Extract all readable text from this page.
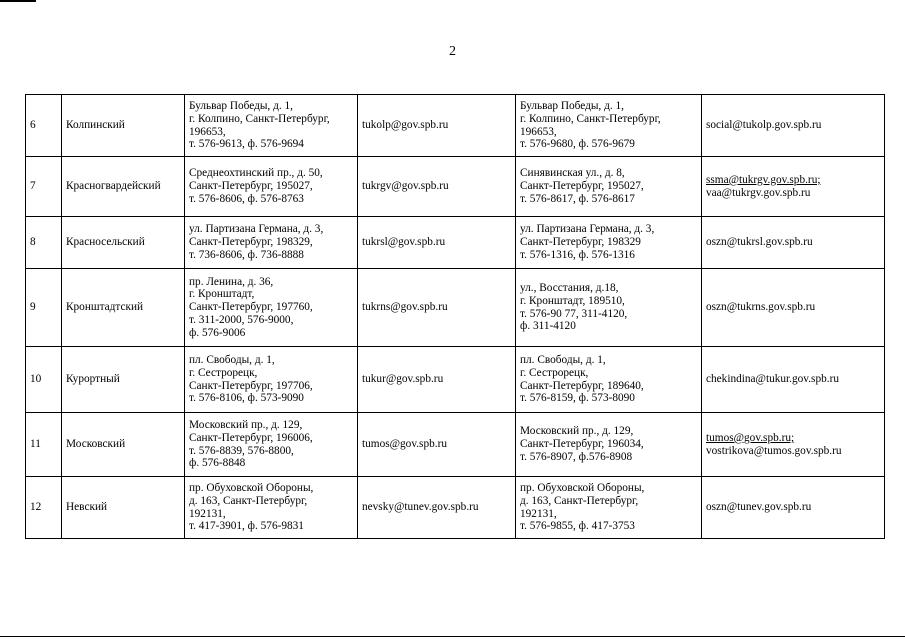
2
6	Колпинский	Бульвар Победы, д. 1,
г. Колпино, Санкт-Петербург,
196653,
т. 576-9613, ф. 576-9694	tukolp@gov.spb.ru	Бульвар Победы, д. 1,
г. Колпино, Санкт-Петербург,
196653,
т. 576-9680, ф. 576-9679	social@tukolp.gov.spb.ru

7	Красногвардейский	Среднеохтинский пр., д. 50,
Санкт-Петербург, 195027,
т. 576-8606, ф. 576-8763	tukrgv@gov.spb.ru	Синявинская ул., д. 8,
Санкт-Петербург, 195027,
т. 576-8617, ф. 576-8617	ssma@tukrgv.gov.spb.ru;
vaa@tukrgv.gov.spb.ru

8	Красносельский	ул. Партизана Германа, д. 3,
Санкт-Петербург, 198329,
т. 736-8606, ф. 736-8888	tukrsl@gov.spb.ru	ул. Партизана Германа, д. 3,
Санкт-Петербург, 198329
т. 576-1316, ф. 576-1316	oszn@tukrsl.gov.spb.ru

9	Кронштадтский	пр. Ленина, д. 36,
г. Кронштадт,
Санкт-Петербург, 197760,
т. 311-2000, 576-9000,
ф. 576-9006	tukrns@gov.spb.ru	ул., Восстания, д.18,
г. Кронштадт, 189510,
т. 576-90 77, 311-4120,
ф. 311-4120	oszn@tukrns.gov.spb.ru

10	Курортный	пл. Свободы, д. 1,
г. Сестрорецк,
Санкт-Петербург, 197706,
т. 576-8106, ф. 573-9090	tukur@gov.spb.ru	пл. Свободы, д. 1,
г. Сестрорецк,
Санкт-Петербург, 189640,
т. 576-8159, ф. 573-8090	chekindina@tukur.gov.spb.ru

11	Московский	Московский пр., д. 129,
Санкт-Петербург, 196006,
т. 576-8839, 576-8800,
ф. 576-8848	tumos@gov.spb.ru	Московский пр., д. 129,
Санкт-Петербург, 196034,
т. 576-8907, ф.576-8908	tumos@gov.spb.ru;
vostrikova@tumos.gov.spb.ru

12	Невский	пр. Обуховской Обороны,
д. 163, Санкт-Петербург,
192131,
т. 417-3901, ф. 576-9831	nevsky@tunev.gov.spb.ru	пр. Обуховской Обороны,
д. 163, Санкт-Петербург,
192131,
т. 576-9855, ф. 417-3753	oszn@tunev.gov.spb.ru
